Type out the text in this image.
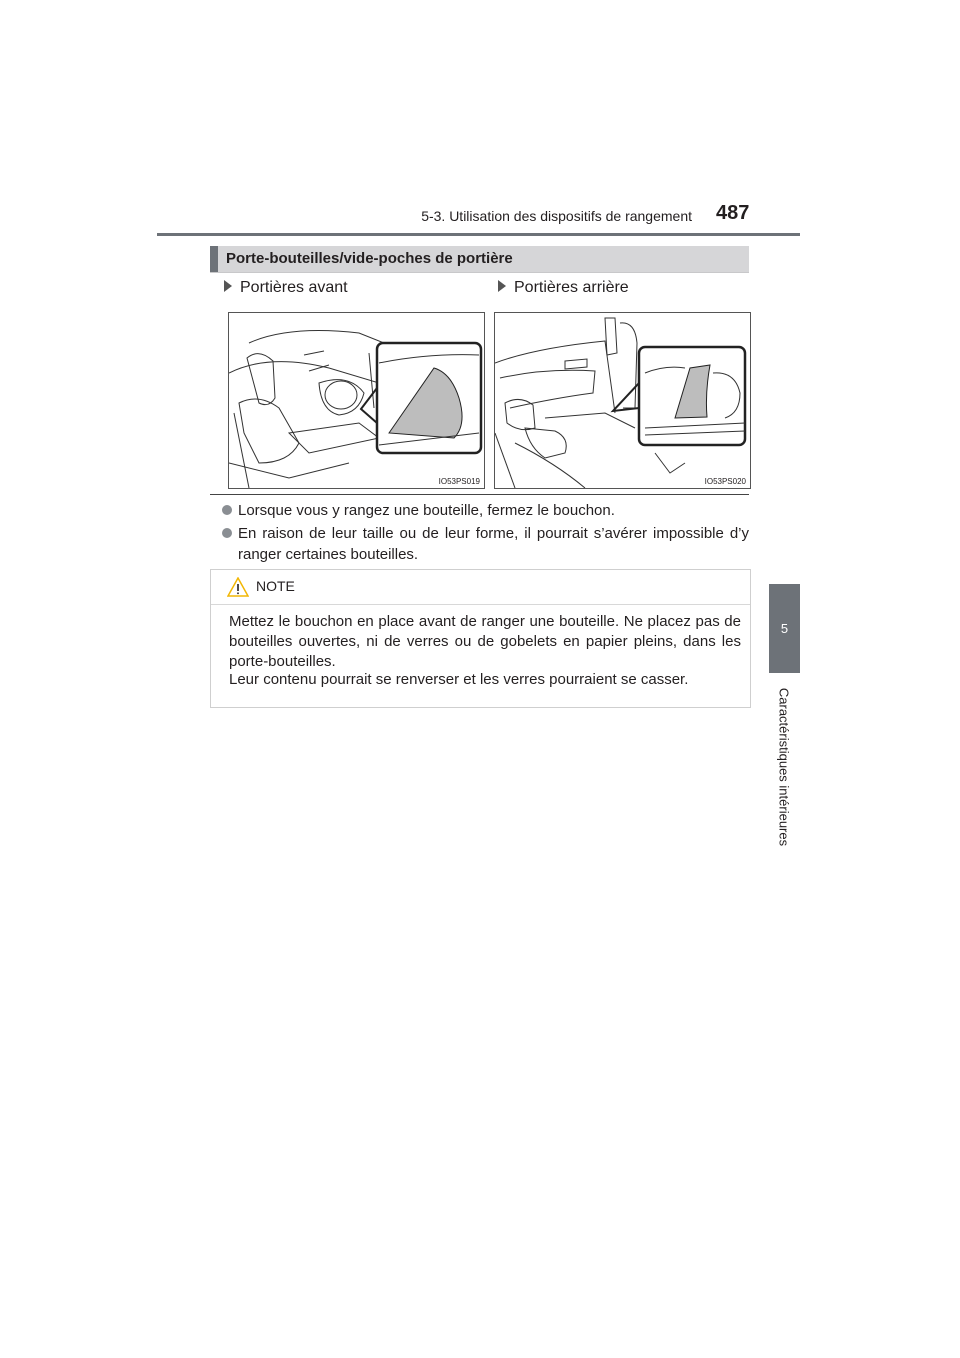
5-3. Utilisation des dispositifs de rangement 487
5
Caractéristiques intérieures
Porte-bouteilles/vide-poches de portière
Portières avant	Portières arrière
IO53PS019	IO53PS020
Lorsque vous y rangez une bouteille, fermez le bouchon.
En raison de leur taille ou de leur forme, il pourrait s’avérer impossible d’y ranger certaines bouteilles.
NOTE
Mettez le bouchon en place avant de ranger une bouteille. Ne placez pas de bouteilles ouvertes, ni de verres ou de gobelets en papier pleins, dans les porte-bouteilles.
Leur contenu pourrait se renverser et les verres pourraient se casser.
